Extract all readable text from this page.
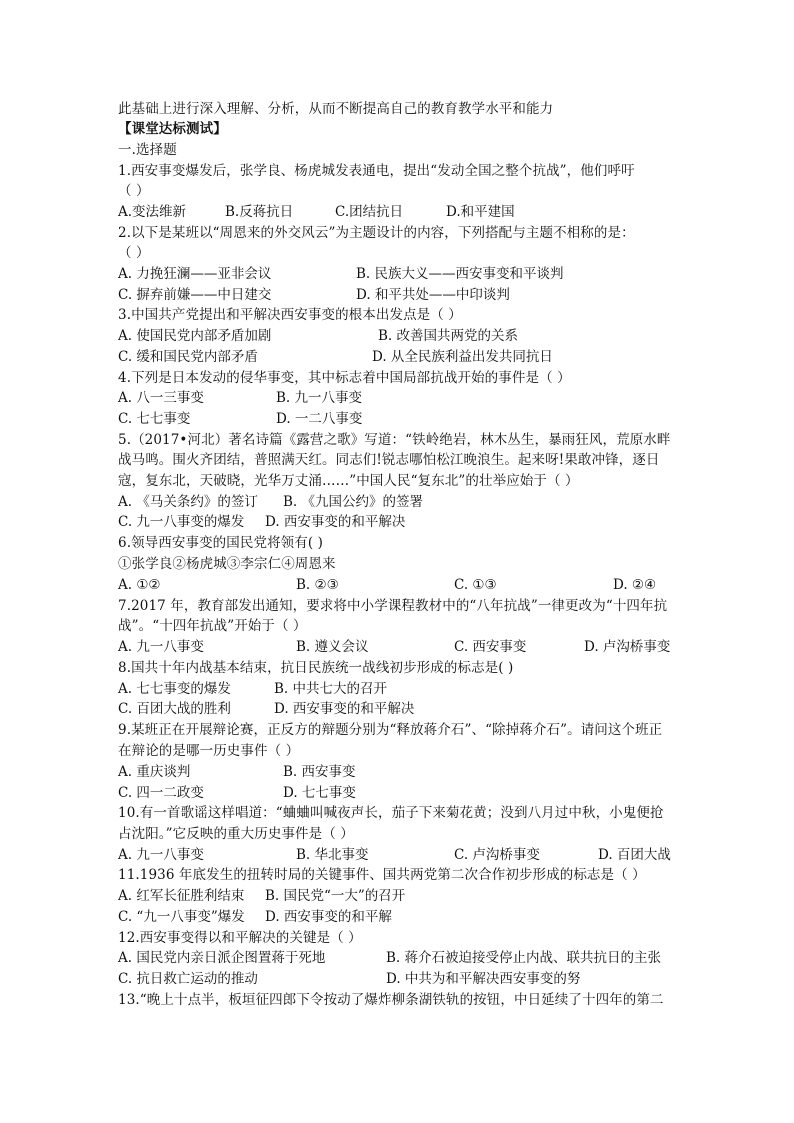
此基础上进行深入理解、分析，从而不断提高自己的教育教学水平和能力
【课堂达标测试】
一.选择题
1.西安事变爆发后，张学良、杨虎城发表通电，提出“发动全国之整个抗战”，他们呼吁
（ ）
A.变法维新	B.反蒋抗日	C.团结抗日	D.和平建国
2.以下是某班以“周恩来的外交风云”为主题设计的内容，下列搭配与主题不相称的是：
（ ）
A. 力挽狂澜——亚非会议	B. 民族大义——西安事变和平谈判
C. 摒弃前嫌——中日建交	D. 和平共处——中印谈判
3.中国共产党提出和平解决西安事变的根本出发点是（ ）
A. 使国民党内部矛盾加剧	B. 改善国共两党的关系
C. 缓和国民党内部矛盾	D. 从全民族利益出发共同抗日
4.下列是日本发动的侵华事变，其中标志着中国局部抗战开始的事件是（ ）
A. 八一三事变	B. 九一八事变
C. 七七事变	D. 一二八事变
5.（2017•河北）著名诗篇《露营之歌》写道：“铁岭绝岩，林木丛生，暴雨狂风，荒原水畔
战马鸣。围火齐团结，普照满天红。同志们!锐志哪怕松江晚浪生。起来呀!果敢冲锋，逐日
寇，复东北，天破晓，光华万丈涌……”中国人民“复东北”的壮举应始于（ ）
A. 《马关条约》的签订 B. 《九国公约》的签署
C. 九一八事变的爆发 D. 西安事变的和平解决
6.领导西安事变的国民党将领有( )
①张学良②杨虎城③李宗仁④周恩来
A. ①②	B. ②③	C. ①③	D. ②④
7.2017 年，教育部发出通知，要求将中小学课程教材中的“八年抗战”一律更改为“十四年抗
战”。“十四年抗战”开始于（ ）
A. 九一八事变	B. 遵义会议	C. 西安事变	D. 卢沟桥事变
8.国共十年内战基本结束，抗日民族统一战线初步形成的标志是( )
A. 七七事变的爆发	B. 中共七大的召开
C. 百团大战的胜利	D. 西安事变的和平解决
9.某班正在开展辩论赛，正反方的辩题分别为“释放蒋介石”、“除掉蒋介石”。请问这个班正
在辩论的是哪一历史事件（ ）
A. 重庆谈判	B. 西安事变
C. 四一二政变	D. 七七事变
10.有一首歌谣这样唱道：“蛐蛐叫喊夜声长，茄子下来菊花黄；没到八月过中秋，小鬼便抢
占沈阳。”它反映的重大历史事件是（ ）
A. 九一八事变	B. 华北事变	C. 卢沟桥事变	D. 百团大战
11.1936 年底发生的扭转时局的关键事件、国共两党第二次合作初步形成的标志是（ ）
A. 红军长征胜利结束 B. 国民党“一大”的召开
C. “九一八事变”爆发 D. 西安事变的和平解
12.西安事变得以和平解决的关键是（ ）
A. 国民党内亲日派企图置蒋于死地	B. 蒋介石被迫接受停止内战、联共抗日的主张
C. 抗日救亡运动的推动	D. 中共为和平解决西安事变的努
13.“晚上十点半，板垣征四郎下令按动了爆炸柳条湖铁轨的按钮，中日延续了十四年的第二
